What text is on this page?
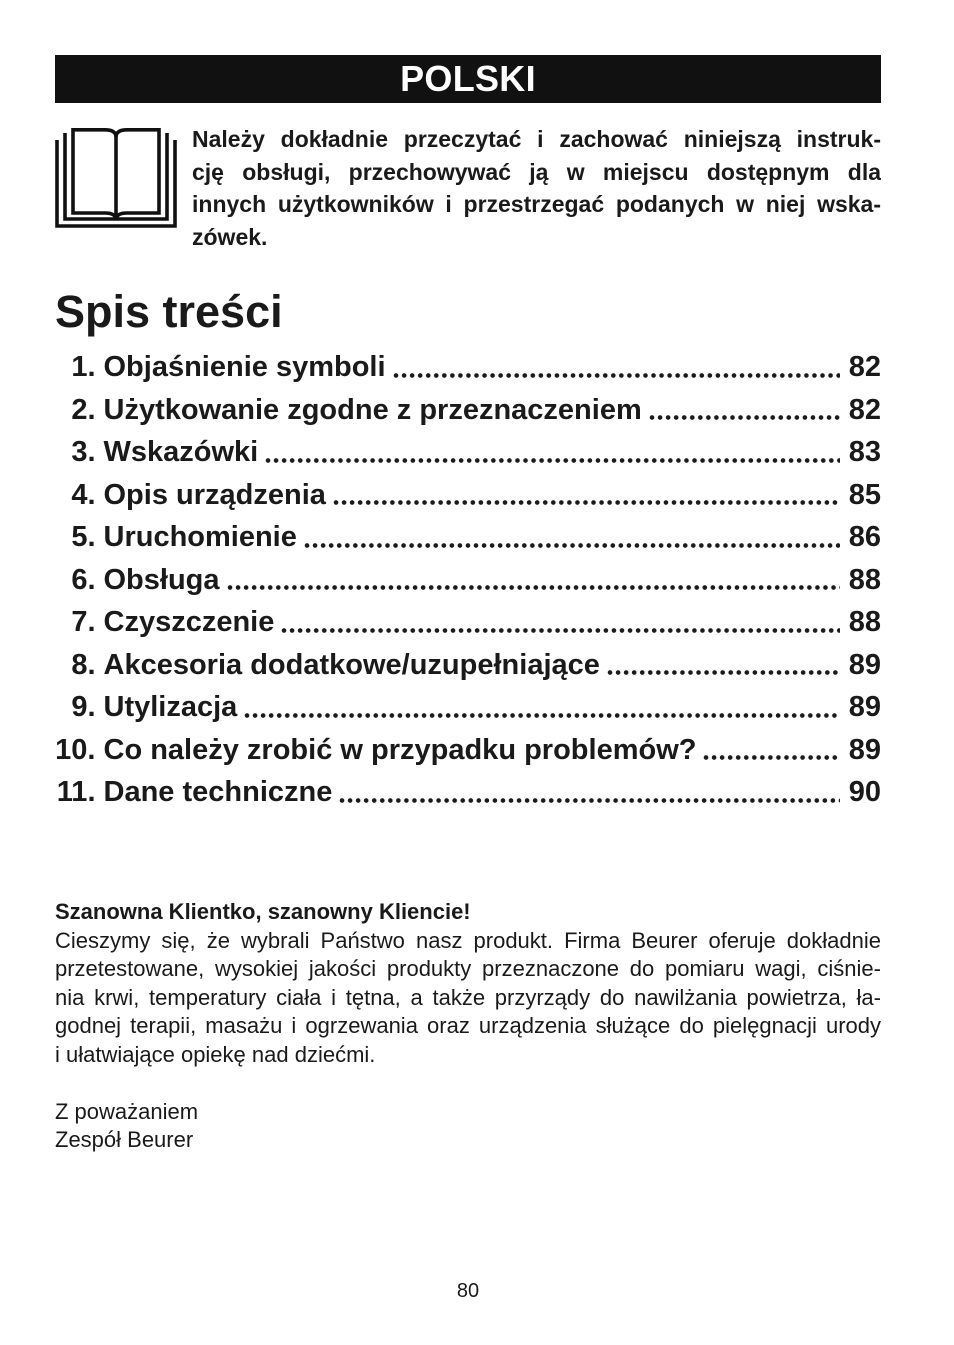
POLSKI
Należy dokładnie przeczytać i zachować niniejszą instruk-
cję obsługi, przechowywać ją w miejscu dostępnym dla
innych użytkowników i przestrzegać podanych w niej wska-
zówek.
Spis treści
1. Objaśnienie symboli	82
2. Użytkowanie zgodne z przeznaczeniem	82
3. Wskazówki	83
4. Opis urządzenia	85
5. Uruchomienie	86
6. Obsługa	88
7. Czyszczenie	88
8. Akcesoria dodatkowe/uzupełniające	89
9. Utylizacja	89
10. Co należy zrobić w przypadku problemów?	89
11. Dane techniczne	90
Szanowna Klientko, szanowny Kliencie!
Cieszymy się, że wybrali Państwo nasz produkt. Firma Beurer oferuje dokładnie
przetestowane, wysokiej jakości produkty przeznaczone do pomiaru wagi, ciśnie-
nia krwi, temperatury ciała i tętna, a także przyrządy do nawilżania powietrza, ła-
godnej terapii, masażu i ogrzewania oraz urządzenia służące do pielęgnacji urody
i ułatwiające opiekę nad dziećmi.
Z poważaniem
Zespół Beurer
80
